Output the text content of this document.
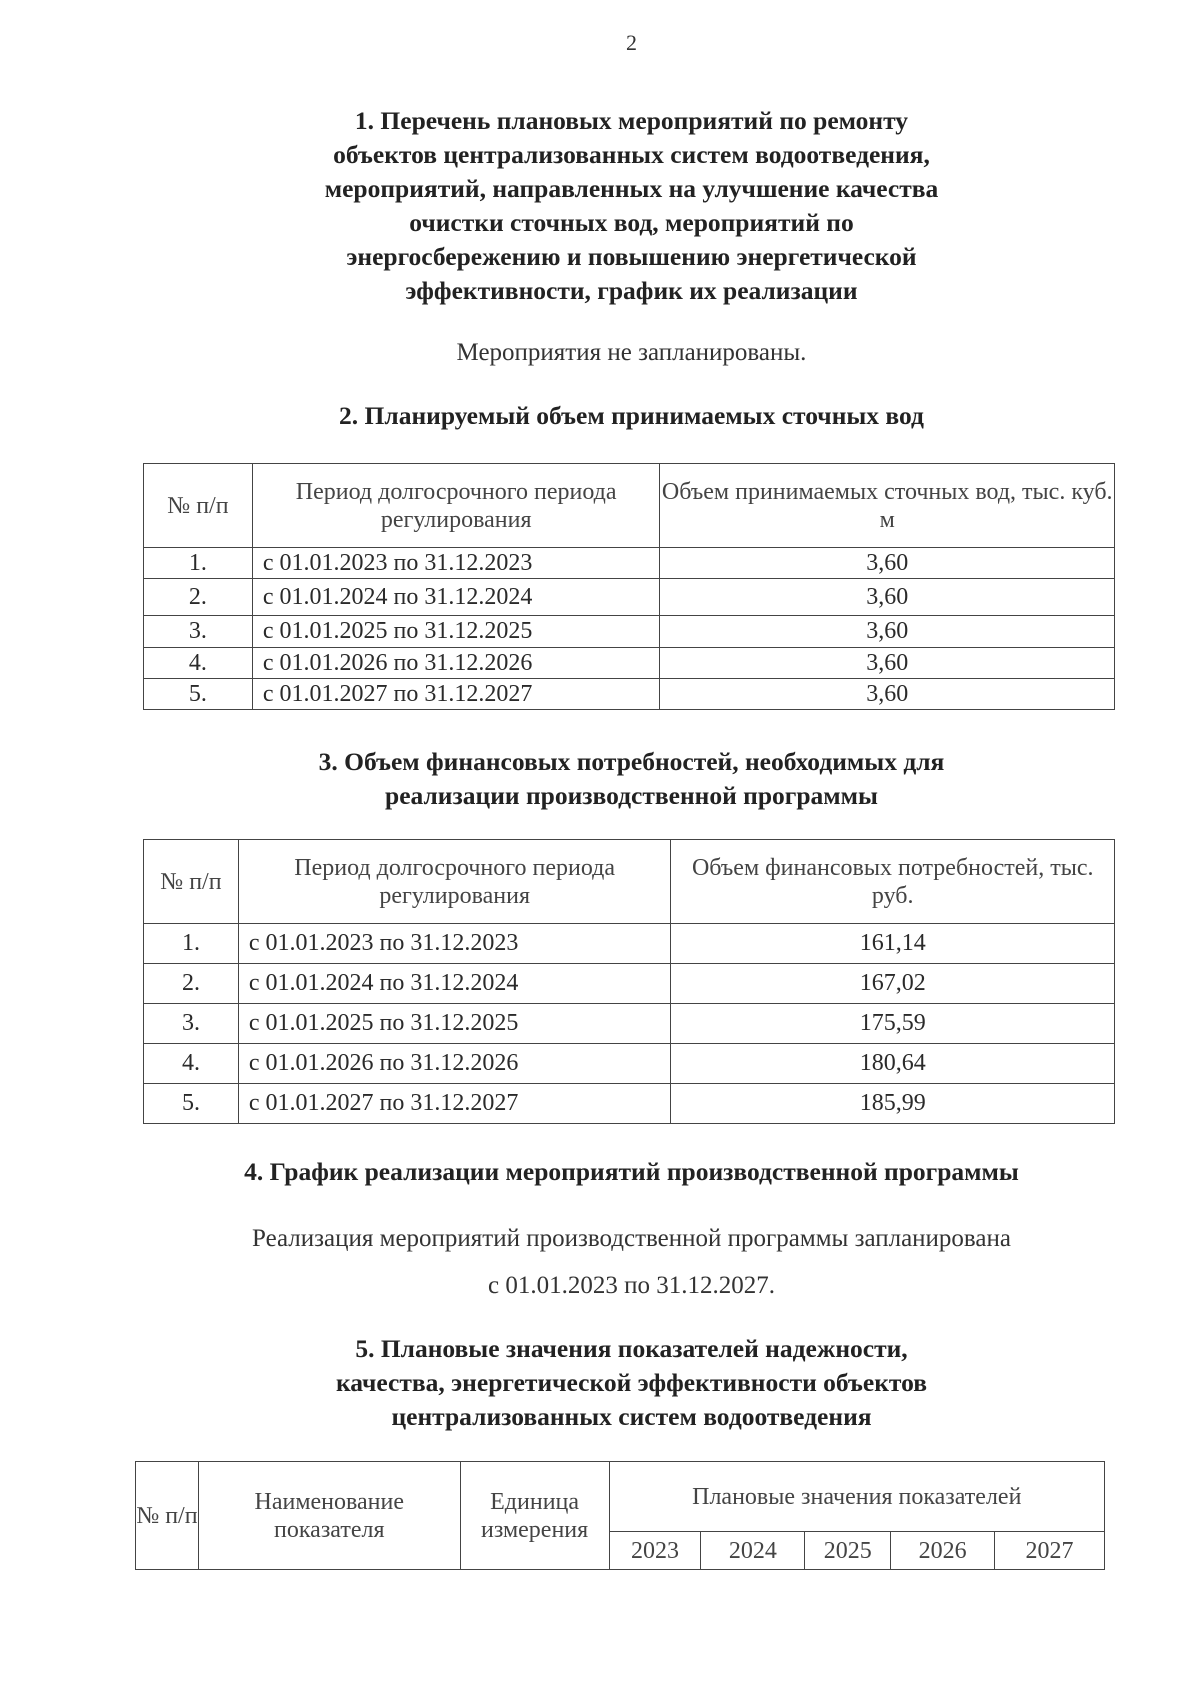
2
1. Перечень плановых мероприятий по ремонту
объектов централизованных систем водоотведения,
мероприятий, направленных на улучшение качества
очистки сточных вод, мероприятий по
энергосбережению и повышению энергетической
эффективности, график их реализации
Мероприятия не запланированы.
2. Планируемый объем принимаемых сточных вод
№ п/п	Период долгосрочного периода регулирования	Объем принимаемых сточных вод, тыс. куб. м
1.	с 01.01.2023 по 31.12.2023	3,60
2.	с 01.01.2024 по 31.12.2024	3,60
3.	с 01.01.2025 по 31.12.2025	3,60
4.	с 01.01.2026 по 31.12.2026	3,60
5.	с 01.01.2027 по 31.12.2027	3,60
3. Объем финансовых потребностей, необходимых для
реализации производственной программы
№ п/п	Период долгосрочного периода регулирования	Объем финансовых потребностей, тыс. руб.
1.	с 01.01.2023 по 31.12.2023	161,14
2.	с 01.01.2024 по 31.12.2024	167,02
3.	с 01.01.2025 по 31.12.2025	175,59
4.	с 01.01.2026 по 31.12.2026	180,64
5.	с 01.01.2027 по 31.12.2027	185,99
4. График реализации мероприятий производственной программы
Реализация мероприятий производственной программы запланирована
с 01.01.2023 по 31.12.2027.
5. Плановые значения показателей надежности,
качества, энергетической эффективности объектов
централизованных систем водоотведения
№ п/п	Наименование показателя	Единица измерения	Плановые значения показателей				
			2023	2024	2025	2026	2027
